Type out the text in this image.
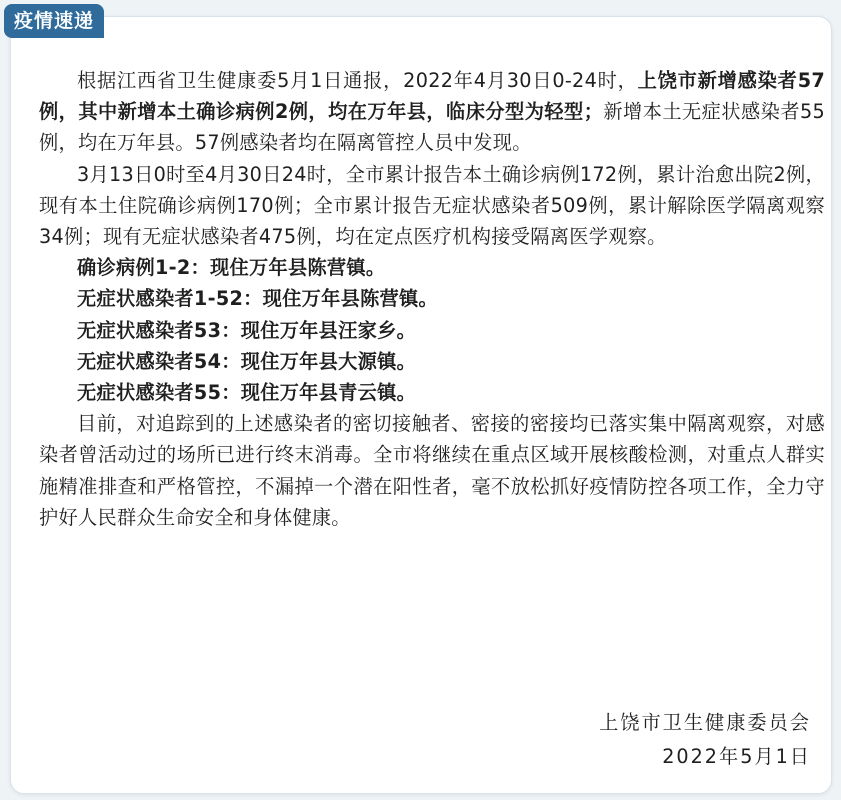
疫情速递

根据江西省卫生健康委5月1日通报，2022年4月30日0-24时，上饶市新增感染者57例，其中新增本土确诊病例2例，均在万年县，临床分型为轻型；新增本土无症状感染者55例，均在万年县。57例感染者均在隔离管控人员中发现。

3月13日0时至4月30日24时，全市累计报告本土确诊病例172例，累计治愈出院2例，现有本土住院确诊病例170例；全市累计报告无症状感染者509例，累计解除医学隔离观察34例；现有无症状感染者475例，均在定点医疗机构接受隔离医学观察。

确诊病例1-2：现住万年县陈营镇。

无症状感染者1-52：现住万年县陈营镇。

无症状感染者53：现住万年县汪家乡。

无症状感染者54：现住万年县大源镇。

无症状感染者55：现住万年县青云镇。

目前，对追踪到的上述感染者的密切接触者、密接的密接均已落实集中隔离观察，对感染者曾活动过的场所已进行终末消毒。全市将继续在重点区域开展核酸检测，对重点人群实施精准排查和严格管控，不漏掉一个潜在阳性者，毫不放松抓好疫情防控各项工作，全力守护好人民群众生命安全和身体健康。

上饶市卫生健康委员会
2022年5月1日
